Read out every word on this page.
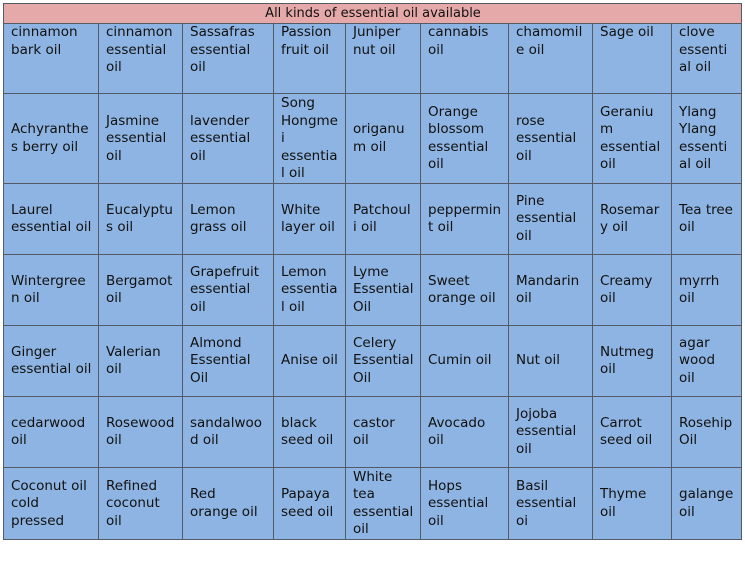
All kinds of essential oil available								
cinnamon bark oil	cinnamon essential oil	Sassafras essential oil	Passion fruit oil	Juniper nut oil	cannabis oil	chamomile oil	Sage oil	clove essential oil
Achyranthes berry oil	Jasmine essential oil	lavender essential oil	Song Hongmei essential oil	origanum oil	Orange blossom essential oil	rose essential oil	Geranium essential oil	Ylang Ylang essential oil
Laurel essential oil	Eucalyptus oil	Lemon grass oil	White layer oil	Patchouli oil	peppermint oil	Pine essential oil	Rosemary oil	Tea tree oil
Wintergreen oil	Bergamot oil	Grapefruit essential oil	Lemon essential oil	Lyme Essential Oil	Sweet orange oil	Mandarin oil	Creamy oil	myrrh oil
Ginger essential oil	Valerian oil	Almond Essential Oil	Anise oil	Celery Essential Oil	Cumin oil	Nut oil	Nutmeg oil	agar wood oil
cedarwood oil	Rosewood oil	sandalwood oil	black seed oil	castor oil	Avocado oil	Jojoba essential oil	Carrot seed oil	Rosehip Oil
Coconut oil cold pressed	Refined coconut oil	Red orange oil	Papaya seed oil	White tea essential oil	Hops essential oil	Basil essential oi	Thyme oil	galange oil
